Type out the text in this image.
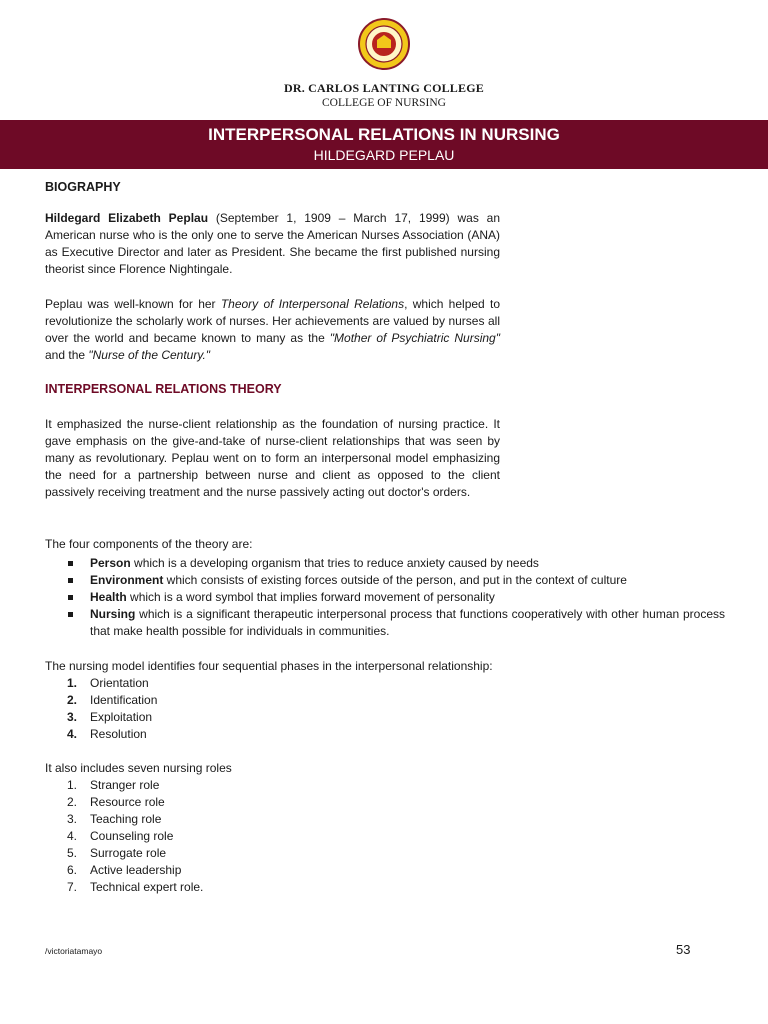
DR. CARLOS LANTING COLLEGE
COLLEGE OF NURSING
INTERPERSONAL RELATIONS IN NURSING
HILDEGARD PEPLAU
BIOGRAPHY

Hildegard Elizabeth Peplau (September 1, 1909 – March 17, 1999) was an American nurse who is the only one to serve the American Nurses Association (ANA) as Executive Director and later as President. She became the first published nursing theorist since Florence Nightingale.

Peplau was well-known for her Theory of Interpersonal Relations, which helped to revolutionize the scholarly work of nurses. Her achievements are valued by nurses all over the world and became known to many as the "Mother of Psychiatric Nursing" and the "Nurse of the Century."

INTERPERSONAL RELATIONS THEORY

It emphasized the nurse-client relationship as the foundation of nursing practice. It gave emphasis on the give-and-take of nurse-client relationships that was seen by many as revolutionary. Peplau went on to form an interpersonal model emphasizing the need for a partnership between nurse and client as opposed to the client passively receiving treatment and the nurse passively acting out doctor's orders.

The four components of the theory are:
Person which is a developing organism that tries to reduce anxiety caused by needs
Environment which consists of existing forces outside of the person, and put in the context of culture
Health which is a word symbol that implies forward movement of personality
Nursing which is a significant therapeutic interpersonal process that functions cooperatively with other human process that make health possible for individuals in communities.
The nursing model identifies four sequential phases in the interpersonal relationship:
1. Orientation
2. Identification
3. Exploitation
4. Resolution
It also includes seven nursing roles
1. Stranger role
2. Resource role
3. Teaching role
4. Counseling role
5. Surrogate role
6. Active leadership
7. Technical expert role.
/victoriatamayo	53
